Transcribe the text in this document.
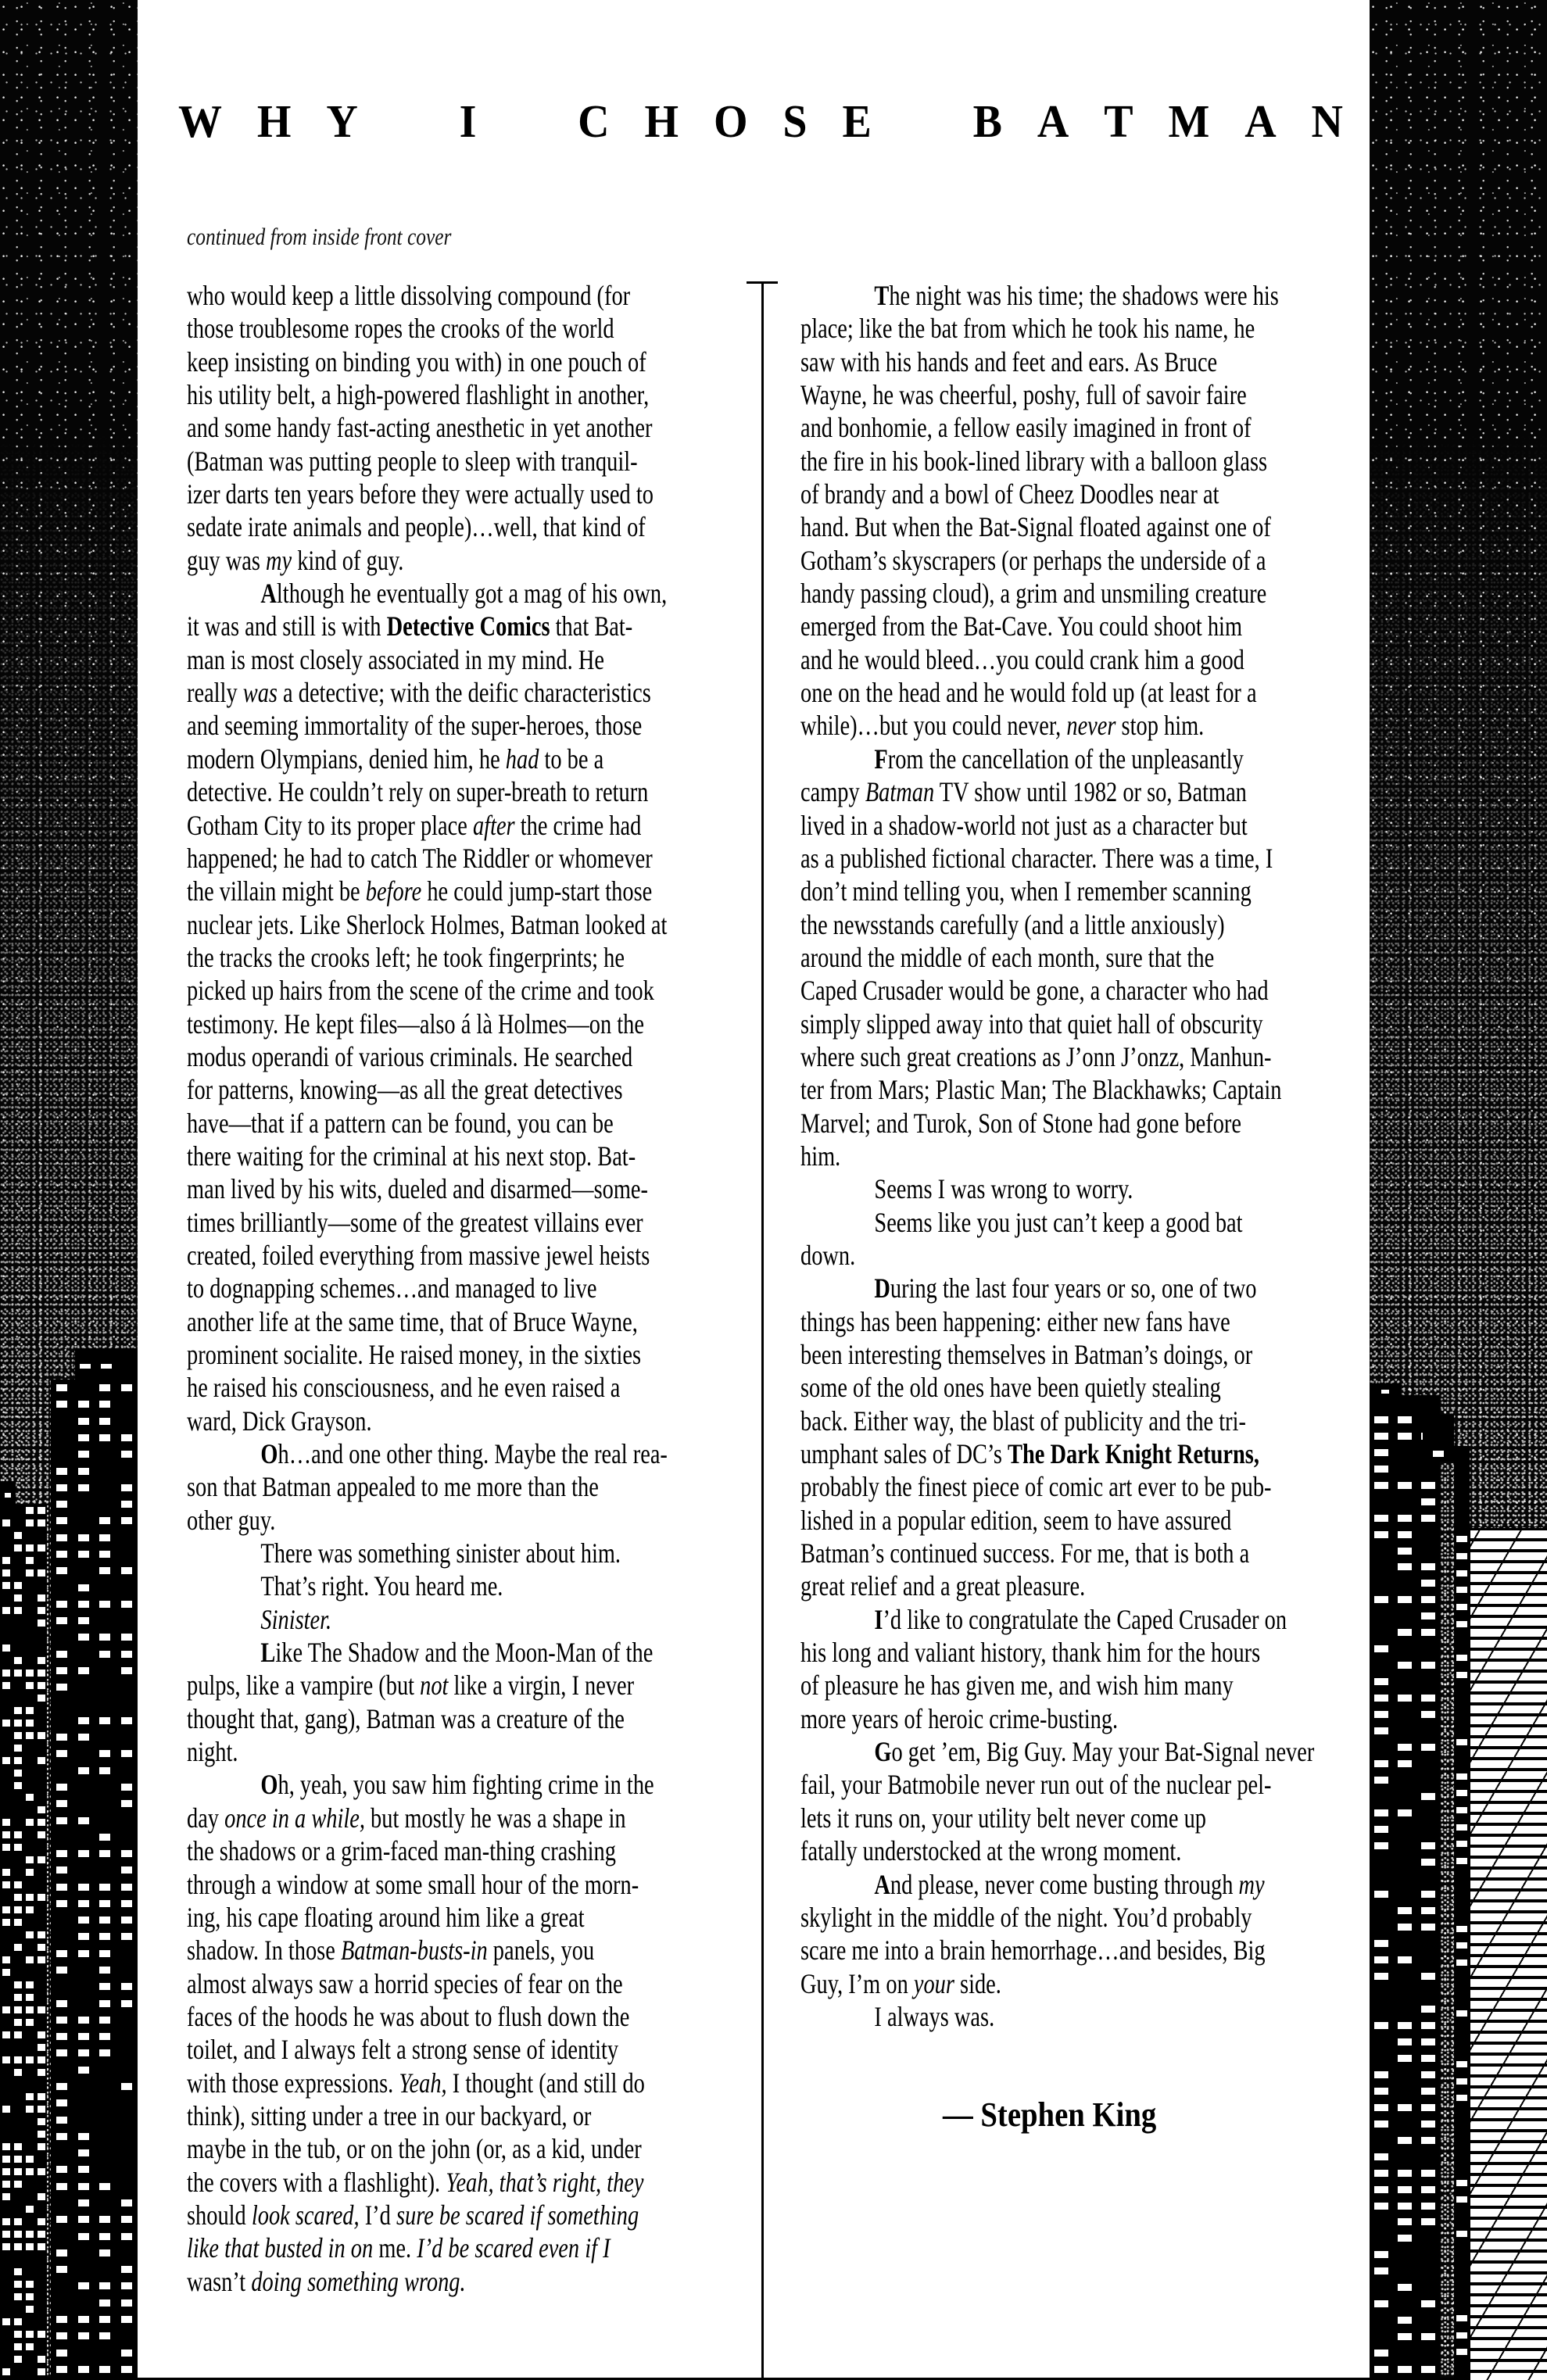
W H Y I C H O S E B A T M A N
continued from inside front cover
who would keep a little dissolving compound (for
those troublesome ropes the crooks of the world
keep insisting on binding you with) in one pouch of
his utility belt, a high-powered flashlight in another,
and some handy fast-acting anesthetic in yet another
(Batman was putting people to sleep with tranquil-
izer darts ten years before they were actually used to
sedate irate animals and people)…well, that kind of
guy was my kind of guy.
Although he eventually got a mag of his own,
it was and still is with Detective Comics that Bat-
man is most closely associated in my mind. He
really was a detective; with the deific characteristics
and seeming immortality of the super-heroes, those
modern Olympians, denied him, he had to be a
detective. He couldn’t rely on super-breath to return
Gotham City to its proper place after the crime had
happened; he had to catch The Riddler or whomever
the villain might be before he could jump-start those
nuclear jets. Like Sherlock Holmes, Batman looked at
the tracks the crooks left; he took fingerprints; he
picked up hairs from the scene of the crime and took
testimony. He kept files—also á là Holmes—on the
modus operandi of various criminals. He searched
for patterns, knowing—as all the great detectives
have—that if a pattern can be found, you can be
there waiting for the criminal at his next stop. Bat-
man lived by his wits, dueled and disarmed—some-
times brilliantly—some of the greatest villains ever
created, foiled everything from massive jewel heists
to dognapping schemes…and managed to live
another life at the same time, that of Bruce Wayne,
prominent socialite. He raised money, in the sixties
he raised his consciousness, and he even raised a
ward, Dick Grayson.
Oh…and one other thing. Maybe the real rea-
son that Batman appealed to me more than the
other guy.
There was something sinister about him.
That’s right. You heard me.
Sinister.
Like The Shadow and the Moon-Man of the
pulps, like a vampire (but not like a virgin, I never
thought that, gang), Batman was a creature of the
night.
Oh, yeah, you saw him fighting crime in the
day once in a while, but mostly he was a shape in
the shadows or a grim-faced man-thing crashing
through a window at some small hour of the morn-
ing, his cape floating around him like a great
shadow. In those Batman-busts-in panels, you
almost always saw a horrid species of fear on the
faces of the hoods he was about to flush down the
toilet, and I always felt a strong sense of identity
with those expressions. Yeah, I thought (and still do
think), sitting under a tree in our backyard, or
maybe in the tub, or on the john (or, as a kid, under
the covers with a flashlight). Yeah, that’s right, they
should look scared, I’d sure be scared if something
like that busted in on me. I’d be scared even if I
wasn’t doing something wrong.
The night was his time; the shadows were his
place; like the bat from which he took his name, he
saw with his hands and feet and ears. As Bruce
Wayne, he was cheerful, poshy, full of savoir faire
and bonhomie, a fellow easily imagined in front of
the fire in his book-lined library with a balloon glass
of brandy and a bowl of Cheez Doodles near at
hand. But when the Bat-Signal floated against one of
Gotham’s skyscrapers (or perhaps the underside of a
handy passing cloud), a grim and unsmiling creature
emerged from the Bat-Cave. You could shoot him
and he would bleed…you could crank him a good
one on the head and he would fold up (at least for a
while)…but you could never, never stop him.
From the cancellation of the unpleasantly
campy Batman TV show until 1982 or so, Batman
lived in a shadow-world not just as a character but
as a published fictional character. There was a time, I
don’t mind telling you, when I remember scanning
the newsstands carefully (and a little anxiously)
around the middle of each month, sure that the
Caped Crusader would be gone, a character who had
simply slipped away into that quiet hall of obscurity
where such great creations as J’onn J’onzz, Manhun-
ter from Mars; Plastic Man; The Blackhawks; Captain
Marvel; and Turok, Son of Stone had gone before
him.
Seems I was wrong to worry.
Seems like you just can’t keep a good bat
down.
During the last four years or so, one of two
things has been happening: either new fans have
been interesting themselves in Batman’s doings, or
some of the old ones have been quietly stealing
back. Either way, the blast of publicity and the tri-
umphant sales of DC’s The Dark Knight Returns,
probably the finest piece of comic art ever to be pub-
lished in a popular edition, seem to have assured
Batman’s continued success. For me, that is both a
great relief and a great pleasure.
I’d like to congratulate the Caped Crusader on
his long and valiant history, thank him for the hours
of pleasure he has given me, and wish him many
more years of heroic crime-busting.
Go get ’em, Big Guy. May your Bat-Signal never
fail, your Batmobile never run out of the nuclear pel-
lets it runs on, your utility belt never come up
fatally understocked at the wrong moment.
And please, never come busting through my
skylight in the middle of the night. You’d probably
scare me into a brain hemorrhage…and besides, Big
Guy, I’m on your side.
I always was.
— Stephen King
